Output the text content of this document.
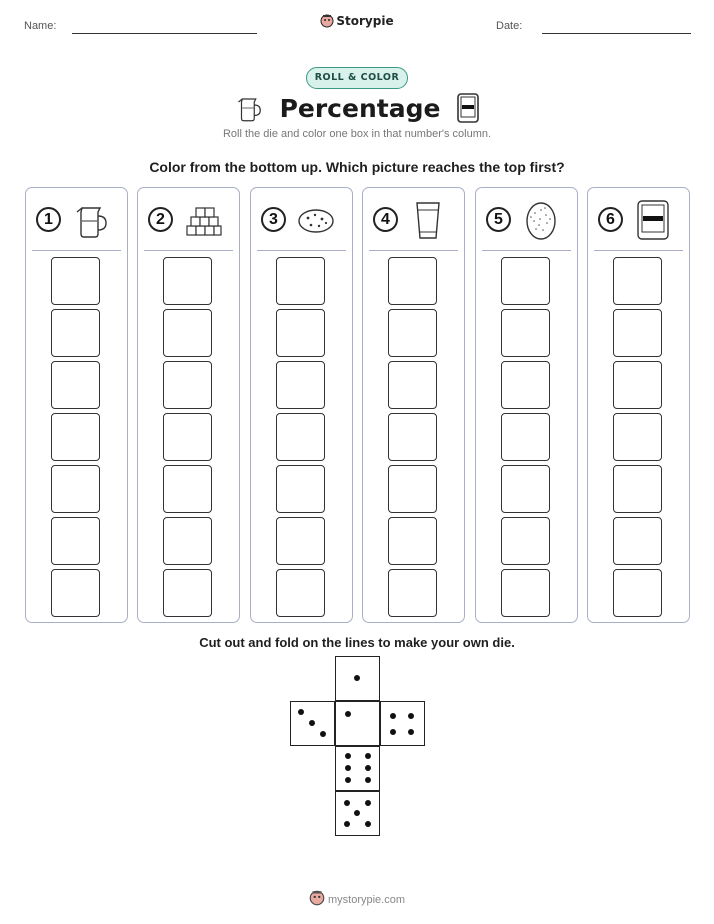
Name:	Storypie	Date:
ROLL & COLOR
Percentage
Roll the die and color one box in that number's column.
Color from the bottom up. Which picture reaches the top first?
1	2	3	4	5	6
Cut out and fold on the lines to make your own die.
mystorypie.com
